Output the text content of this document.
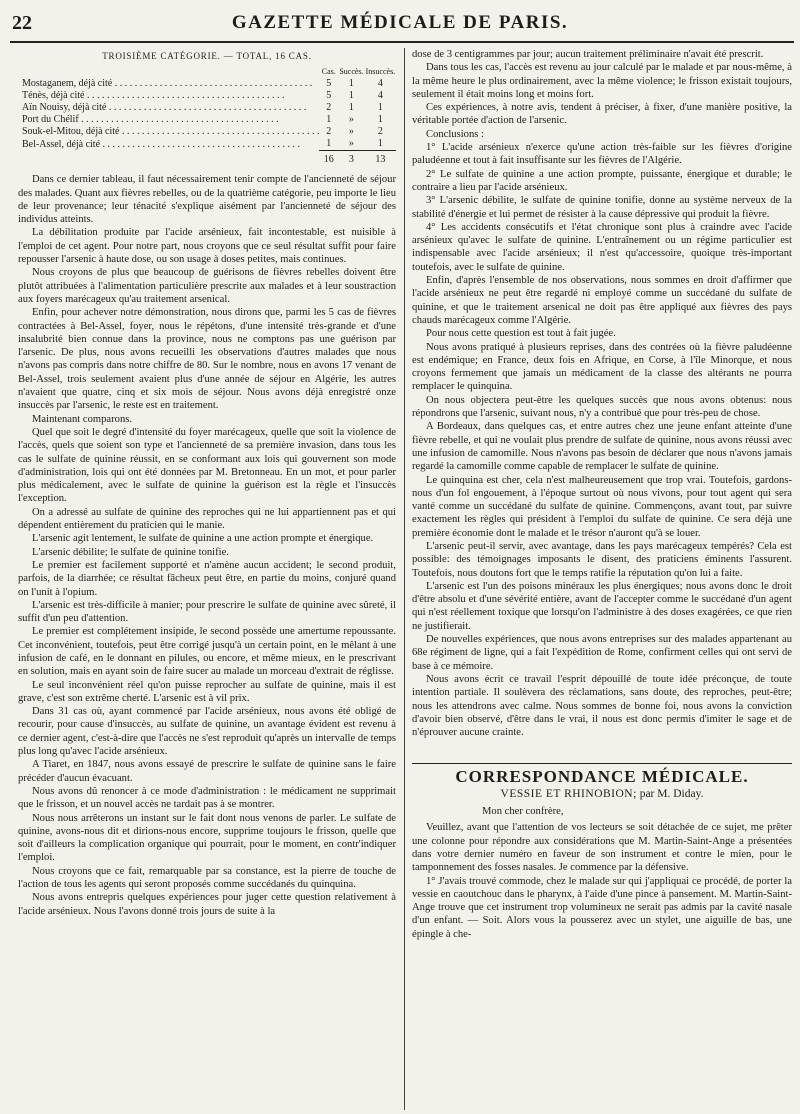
22	GAZETTE MÉDICALE DE PARIS.
TROISIÈME CATÉGORIE. — TOTAL, 16 CAS.
	Cas.	Succès.	Insuccès.
Mostaganem, déjà cité . . . . . . . . . . . . . . . . . . . . . . . . . . . . . . . . . . . . . . . .	5	1	4
Ténès, déjà cité . . . . . . . . . . . . . . . . . . . . . . . . . . . . . . . . . . . . . . . .	5	1	4
Aïn Nouisy, déjà cité . . . . . . . . . . . . . . . . . . . . . . . . . . . . . . . . . . . . . . . .	2	1	1
Port du Chélif . . . . . . . . . . . . . . . . . . . . . . . . . . . . . . . . . . . . . . . .	1	»	1
Souk-el-Mitou, déjà cité . . . . . . . . . . . . . . . . . . . . . . . . . . . . . . . . . . . . . . . .	2	»	2
Bel-Assel, déjà cité . . . . . . . . . . . . . . . . . . . . . . . . . . . . . . . . . . . . . . . .	1	»	1
	16	3	13

Dans ce dernier tableau, il faut nécessairement tenir compte de l'ancienneté de séjour des malades. Quant aux fièvres rebelles, ou de la quatrième catégorie, peu importe le lieu de leur provenance; leur ténacité s'explique aisément par l'ancienneté de séjour des individus atteints.

La débilitation produite par l'acide arsénieux, fait incontestable, est nuisible à l'emploi de cet agent. Pour notre part, nous croyons que ce seul résultat suffit pour faire repousser l'arsenic à haute dose, ou son usage à doses petites, mais continues.

Nous croyons de plus que beaucoup de guérisons de fièvres rebelles doivent être plutôt attribuées à l'alimentation particulière prescrite aux malades et à leur soustraction aux foyers marécageux qu'au traitement arsenical.

Enfin, pour achever notre démonstration, nous dirons que, parmi les 5 cas de fièvres contractées à Bel-Assel, foyer, nous le répétons, d'une intensité très-grande et d'une insalubrité bien connue dans la province, nous ne comptons pas une guérison par l'arsenic. De plus, nous avons recueilli les observations d'autres malades que nous n'avons pas compris dans notre chiffre de 80. Sur le nombre, nous en avons 17 venant de Bel-Assel, trois seulement avaient plus d'une année de séjour en Algérie, les autres n'avaient que quatre, cinq et six mois de séjour. Nous avons déjà enregistré onze insuccès par l'arsenic, le reste est en traitement.

Maintenant comparons.

Quel que soit le degré d'intensité du foyer marécageux, quelle que soit la violence de l'accès, quels que soient son type et l'ancienneté de sa première invasion, dans tous les cas le sulfate de quinine réussit, en se conformant aux lois qui gouvernent son mode d'administration, lois qui ont été données par M. Bretonneau. En un mot, et pour parler plus médicalement, avec le sulfate de quinine la guérison est la règle et l'insuccès l'exception.

On a adressé au sulfate de quinine des reproches qui ne lui appartiennent pas et qui dépendent entièrement du praticien qui le manie.

L'arsenic agit lentement, le sulfate de quinine a une action prompte et énergique.

L'arsenic débilite; le sulfate de quinine tonifie.

Le premier est facilement supporté et n'amène aucun accident; le second produit, parfois, de la diarrhée; ce résultat fâcheux peut être, en partie du moins, conjuré quand on l'unit à l'opium.

L'arsenic est très-difficile à manier; pour prescrire le sulfate de quinine avec sûreté, il suffit d'un peu d'attention.

Le premier est complétement insipide, le second possède une amertume repoussante. Cet inconvénient, toutefois, peut être corrigé jusqu'à un certain point, en le mêlant à une infusion de café, en le donnant en pilules, ou encore, et même mieux, en le prescrivant en solution, mais en ayant soin de faire sucer au malade un morceau d'extrait de réglisse.

Le seul inconvénient réel qu'on puisse reprocher au sulfate de quinine, mais il est grave, c'est son extrême cherté. L'arsenic est à vil prix.

Dans 31 cas où, ayant commencé par l'acide arsénieux, nous avons été obligé de recourir, pour cause d'insuccès, au sulfate de quinine, un avantage évident est revenu à ce dernier agent, c'est-à-dire que l'accès ne s'est reproduit qu'après un intervalle de temps plus long qu'avec l'acide arsénieux.

A Tiaret, en 1847, nous avons essayé de prescrire le sulfate de quinine sans le faire précéder d'aucun évacuant.

Nous avons dû renoncer à ce mode d'administration : le médicament ne supprimait que le frisson, et un nouvel accès ne tardait pas à se montrer.

Nous nous arrêterons un instant sur le fait dont nous venons de parler. Le sulfate de quinine, avons-nous dit et dirions-nous encore, supprime toujours le frisson, quelle que soit d'ailleurs la complication organique qui pourrait, pour le moment, en contr'indiquer l'emploi.

Nous croyons que ce fait, remarquable par sa constance, est la pierre de touche de l'action de tous les agents qui seront proposés comme succédanés du quinquina.

Nous avons entrepris quelques expériences pour juger cette question relativement à l'acide arsénieux. Nous l'avons donné trois jours de suite à la

dose de 3 centigrammes par jour; aucun traitement préliminaire n'avait été prescrit.

Dans tous les cas, l'accès est revenu au jour calculé par le malade et par nous-même, à la même heure le plus ordinairement, avec la même violence; le frisson existait toujours, seulement il était moins long et moins fort.

Ces expériences, à notre avis, tendent à préciser, à fixer, d'une manière positive, la véritable portée d'action de l'arsenic.

Conclusions :

1° L'acide arsénieux n'exerce qu'une action très-faible sur les fièvres d'origine paludéenne et tout à fait insuffisante sur les fièvres de l'Algérie.

2° Le sulfate de quinine a une action prompte, puissante, énergique et durable; le contraire a lieu par l'acide arsénieux.

3° L'arsenic débilite, le sulfate de quinine tonifie, donne au système nerveux de la stabilité d'énergie et lui permet de résister à la cause dépressive qui produit la fièvre.

4° Les accidents consécutifs et l'état chronique sont plus à craindre avec l'acide arsénieux qu'avec le sulfate de quinine. L'entraînement ou un régime particulier est indispensable avec l'acide arsénieux; il n'est qu'accessoire, quoique très-important toutefois, avec le sulfate de quinine.

Enfin, d'après l'ensemble de nos observations, nous sommes en droit d'affirmer que l'acide arsénieux ne peut être regardé ni employé comme un succédané du sulfate de quinine, et que le traitement arsenical ne doit pas être appliqué aux fièvres des pays chauds marécageux comme l'Algérie.

Pour nous cette question est tout à fait jugée.

Nous avons pratiqué à plusieurs reprises, dans des contrées où la fièvre paludéenne est endémique; en France, deux fois en Afrique, en Corse, à l'île Minorque, et nous croyons fermement que jamais un médicament de la classe des altérants ne pourra remplacer le quinquina.

On nous objectera peut-être les quelques succès que nous avons obtenus: nous répondrons que l'arsenic, suivant nous, n'y a contribué que pour très-peu de chose.

A Bordeaux, dans quelques cas, et entre autres chez une jeune enfant atteinte d'une fièvre rebelle, et qui ne voulait plus prendre de sulfate de quinine, nous avons réussi avec une infusion de camomille. Nous n'avons pas besoin de déclarer que nous n'avons jamais regardé la camomille comme capable de remplacer le sulfate de quinine.

Le quinquina est cher, cela n'est malheureusement que trop vrai. Toutefois, gardons-nous d'un fol engouement, à l'époque surtout où nous vivons, pour tout agent qui sera vanté comme un succédané du sulfate de quinine. Commençons, avant tout, par suivre exactement les règles qui président à l'emploi du sulfate de quinine. Ce sera déjà une première économie dont le malade et le trésor n'auront qu'à se louer.

L'arsenic peut-il servir, avec avantage, dans les pays marécageux tempérés? Cela est possible: des témoignages imposants le disent, des praticiens éminents l'assurent. Toutefois, nous doutons fort que le temps ratifie la réputation qu'on lui a faite.

L'arsenic est l'un des poisons minéraux les plus énergiques; nous avons donc le droit d'être absolu et d'une sévérité entière, avant de l'accepter comme le succédané d'un agent qui n'est réellement toxique que lorsqu'on l'administre à des doses exagérées, ce que rien ne justifierait.

De nouvelles expériences, que nous avons entreprises sur des malades appartenant au 68e régiment de ligne, qui a fait l'expédition de Rome, confirment celles qui ont servi de base à ce mémoire.

Nous avons écrit ce travail l'esprit dépouillé de toute idée préconçue, de toute intention partiale. Il soulèvera des réclamations, sans doute, des reproches, peut-être; nous les attendrons avec calme. Nous sommes de bonne foi, nous avons la conviction d'avoir bien observé, d'être dans le vrai, il nous est donc permis d'imiter le sage et de n'éprouver aucune crainte.

CORRESPONDANCE MÉDICALE.
VESSIE ET RHINOBION; par M. Diday.

Mon cher confrère,

Veuillez, avant que l'attention de vos lecteurs se soit détachée de ce sujet, me prêter une colonne pour répondre aux considérations que M. Martin-Saint-Ange a présentées dans votre dernier numéro en faveur de son instrument et contre le mien, pour le tamponnement des fosses nasales. Je commence par la défensive.

1° J'avais trouvé commode, chez le malade sur qui j'appliquai ce procédé, de porter la vessie en caoutchouc dans le pharynx, à l'aide d'une pince à pansement. M. Martin-Saint-Ange trouve que cet instrument trop volumineux ne serait pas admis par la cavité nasale d'un enfant. — Soit. Alors vous la pousserez avec un stylet, une aiguille de bas, une épingle à che-
